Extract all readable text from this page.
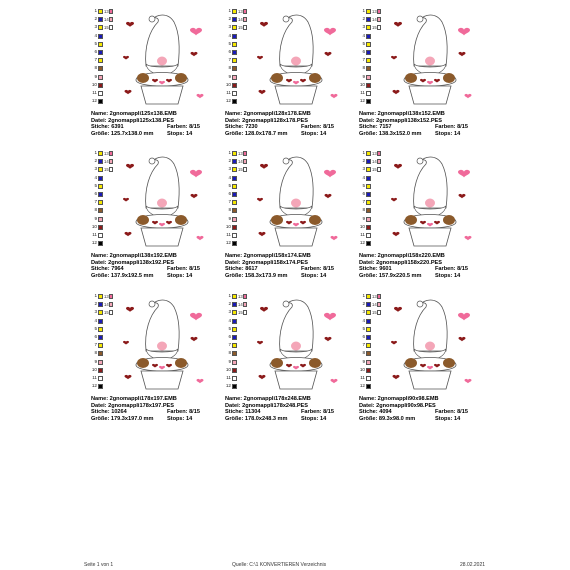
1 13
2 14
3 15
4
5
6
7
8
9
10
11
12
Name: 2gnomappli125x138.EMB
Datei: 2gnomappli125x138.PES
Stiche: 6391	Farben: 8/15
Größe: 125.7x138.0 mm Stops: 14
1 13
2 14
3 15
4
5
6
7
8
9
10
11
12
Name: 2gnomappli128x178.EMB
Datei: 2gnomappli128x178.PES
Stiche: 7230	Farben: 8/15
Größe: 128.0x178.7 mm Stops: 14
1 13
2 14
3 15
4
5
6
7
8
9
10
11
12
Name: 2gnomappli138x152.EMB
Datei: 2gnomappli138x152.PES
Stiche: 7157	Farben: 8/15
Größe: 138.3x152.0 mm Stops: 14
1 13
2 14
3 15
4
5
6
7
8
9
10
11
12
Name: 2gnomappli138x192.EMB
Datei: 2gnomappli138x192.PES
Stiche: 7964	Farben: 8/15
Größe: 137.9x192.5 mm Stops: 14
1 13
2 14
3 15
4
5
6
7
8
9
10
11
12
Name: 2gnomappli158x174.EMB
Datei: 2gnomappli158x174.PES
Stiche: 8617	Farben: 8/15
Größe: 158.3x173.9 mm Stops: 14
1 13
2 14
3 15
4
5
6
7
8
9
10
11
12
Name: 2gnomappli158x220.EMB
Datei: 2gnomappli158x220.PES
Stiche: 9601	Farben: 8/15
Größe: 157.9x220.5 mm Stops: 14
1 13
2 14
3 15
4
5
6
7
8
9
10
11
12
Name: 2gnomappli178x197.EMB
Datei: 2gnomappli178x197.PES
Stiche: 10264	Farben: 8/15
Größe: 179.3x197.0 mm Stops: 14
1 13
2 14
3 15
4
5
6
7
8
9
10
11
12
Name: 2gnomappli178x248.EMB
Datei: 2gnomappli178x248.PES
Stiche: 11304	Farben: 8/15
Größe: 178.0x248.3 mm Stops: 14
1 13
2 14
3 15
4
5
6
7
8
9
10
11
12
Name: 2gnomappli90x98.EMB
Datei: 2gnomappli90x98.PES
Stiche: 4094	Farben: 8/15
Größe: 89.3x98.0 mm	Stops: 14
Seite 1 von 1	Quelle: C:\1 KONVERTIEREN Verzeichnis	28.02.2021
